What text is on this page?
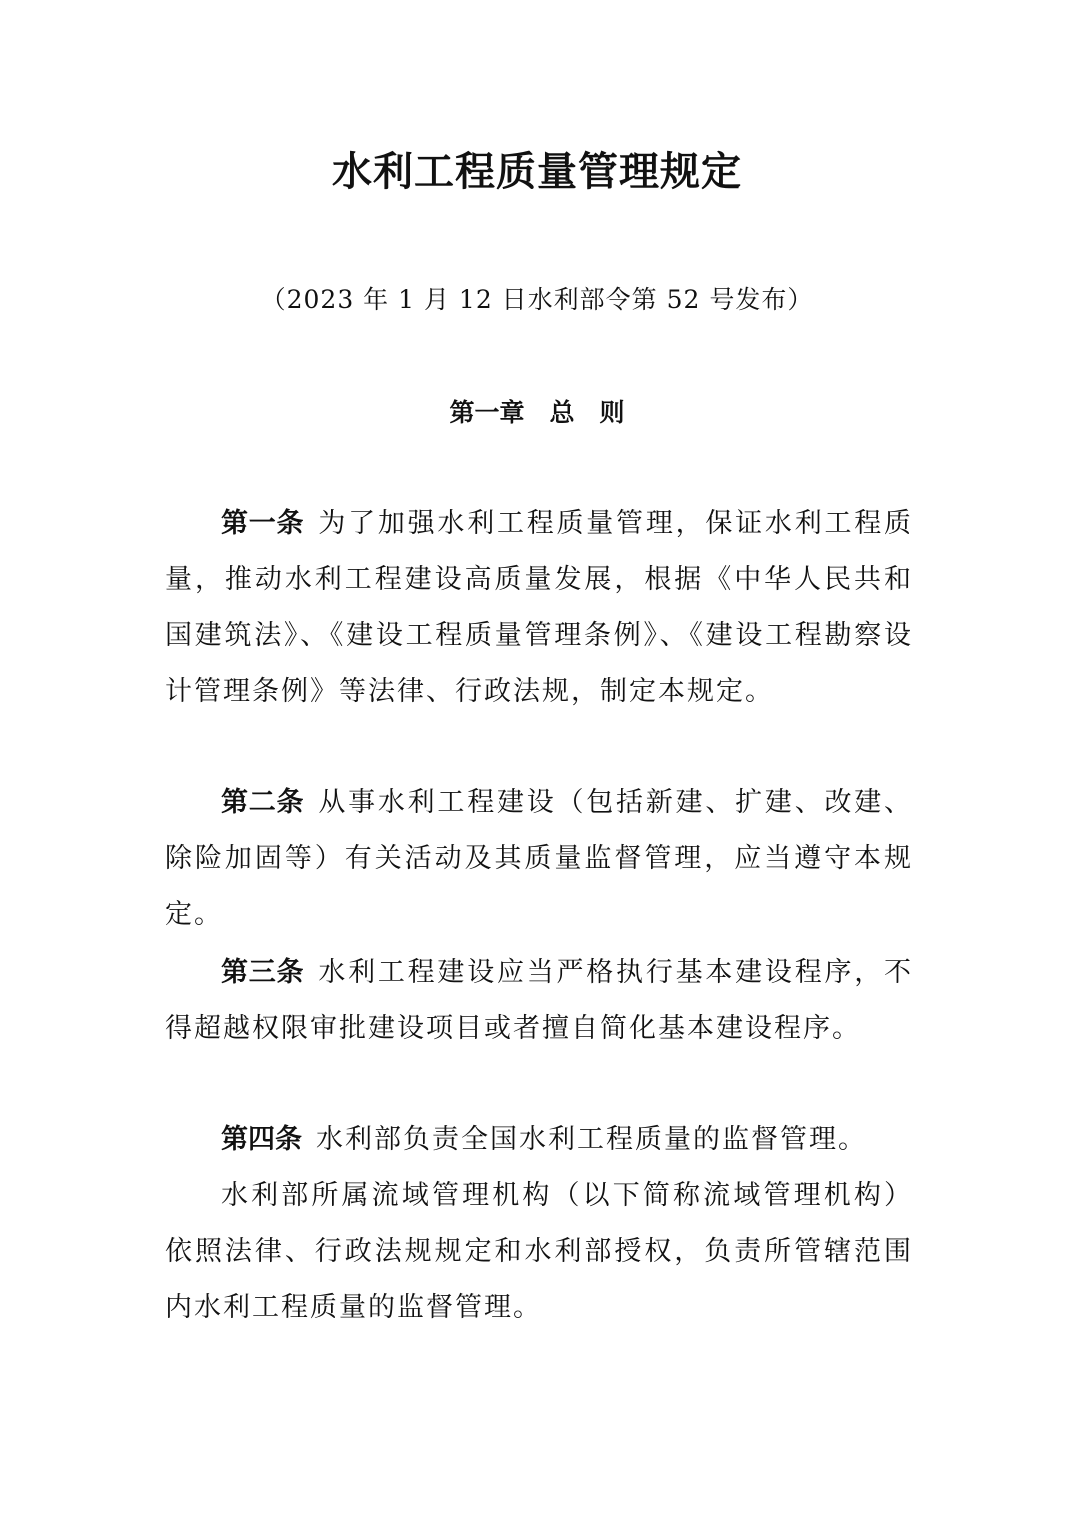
水利工程质量管理规定
（2023 年 1 月 12 日水利部令第 52 号发布）
第一章　总　则

第一条 为了加强水利工程质量管理，保证水利工程质量，推动水利工程建设高质量发展，根据《中华人民共和国建筑法》、《建设工程质量管理条例》、《建设工程勘察设计管理条例》等法律、行政法规，制定本规定。

第二条 从事水利工程建设（包括新建、扩建、改建、除险加固等）有关活动及其质量监督管理，应当遵守本规定。

第三条 水利工程建设应当严格执行基本建设程序，不得超越权限审批建设项目或者擅自简化基本建设程序。

第四条 水利部负责全国水利工程质量的监督管理。

水利部所属流域管理机构（以下简称流域管理机构）依照法律、行政法规规定和水利部授权，负责所管辖范围内水利工程质量的监督管理。
